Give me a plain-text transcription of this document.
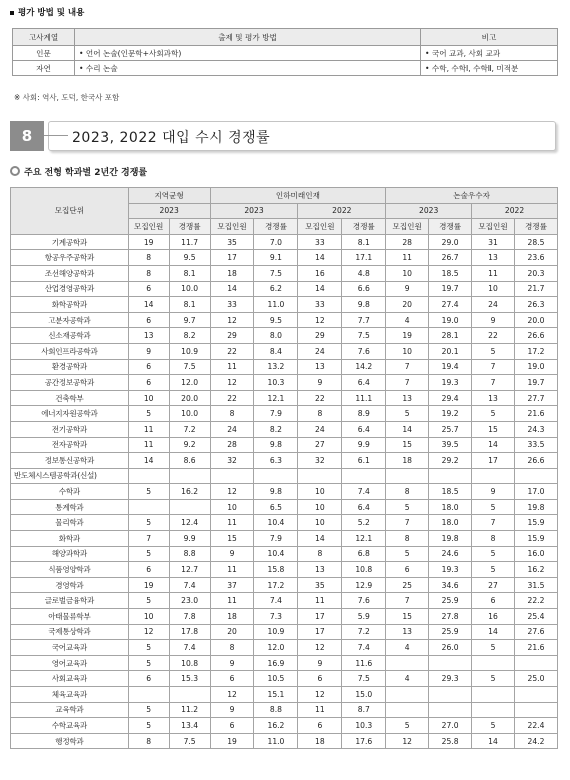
평가 방법 및 내용
고사계열	출제 및 평가 방법	비고
인문	• 언어 논술(인문학+사회과학)	• 국어 교과, 사회 교과
자연	• 수리 논술	• 수학, 수학Ⅰ, 수학Ⅱ, 미적분
※ 사회: 역사, 도덕, 한국사 포함
8	2023, 2022 대입 수시 경쟁률
주요 전형 학과별 2년간 경쟁률
모집단위	지역균형		인하미래인재				논술우수자			
	2023		2023		2022		2023		2022	
	모집인원	경쟁률	모집인원	경쟁률	모집인원	경쟁률	모집인원	경쟁률	모집인원	경쟁률
기계공학과	19	11.7	35	7.0	33	8.1	28	29.0	31	28.5
항공우주공학과	8	9.5	17	9.1	14	17.1	11	26.7	13	23.6
조선해양공학과	8	8.1	18	7.5	16	4.8	10	18.5	11	20.3
산업경영공학과	6	10.0	14	6.2	14	6.6	9	19.7	10	21.7
화학공학과	14	8.1	33	11.0	33	9.8	20	27.4	24	26.3
고분자공학과	6	9.7	12	9.5	12	7.7	4	19.0	9	20.0
신소재공학과	13	8.2	29	8.0	29	7.5	19	28.1	22	26.6
사회인프라공학과	9	10.9	22	8.4	24	7.6	10	20.1	5	17.2
환경공학과	6	7.5	11	13.2	13	14.2	7	19.4	7	19.0
공간정보공학과	6	12.0	12	10.3	9	6.4	7	19.3	7	19.7
건축학부	10	20.0	22	12.1	22	11.1	13	29.4	13	27.7
에너지자원공학과	5	10.0	8	7.9	8	8.9	5	19.2	5	21.6
전기공학과	11	7.2	24	8.2	24	6.4	14	25.7	15	24.3
전자공학과	11	9.2	28	9.8	27	9.9	15	39.5	14	33.5
정보통신공학과	14	8.6	32	6.3	32	6.1	18	29.2	17	26.6
반도체시스템공학과(신설)										
수학과	5	16.2	12	9.8	10	7.4	8	18.5	9	17.0
통계학과			10	6.5	10	6.4	5	18.0	5	19.8
물리학과	5	12.4	11	10.4	10	5.2	7	18.0	7	15.9
화학과	7	9.9	15	7.9	14	12.1	8	19.8	8	15.9
해양과학과	5	8.8	9	10.4	8	6.8	5	24.6	5	16.0
식품영양학과	6	12.7	11	15.8	13	10.8	6	19.3	5	16.2
경영학과	19	7.4	37	17.2	35	12.9	25	34.6	27	31.5
글로벌금융학과	5	23.0	11	7.4	11	7.6	7	25.9	6	22.2
아태물류학부	10	7.8	18	7.3	17	5.9	15	27.8	16	25.4
국제통상학과	12	17.8	20	10.9	17	7.2	13	25.9	14	27.6
국어교육과	5	7.4	8	12.0	12	7.4	4	26.0	5	21.6
영어교육과	5	10.8	9	16.9	9	11.6				
사회교육과	6	15.3	6	10.5	6	7.5	4	29.3	5	25.0
체육교육과			12	15.1	12	15.0				
교육학과	5	11.2	9	8.8	11	8.7				
수학교육과	5	13.4	6	16.2	6	10.3	5	27.0	5	22.4
행정학과	8	7.5	19	11.0	18	17.6	12	25.8	14	24.2
